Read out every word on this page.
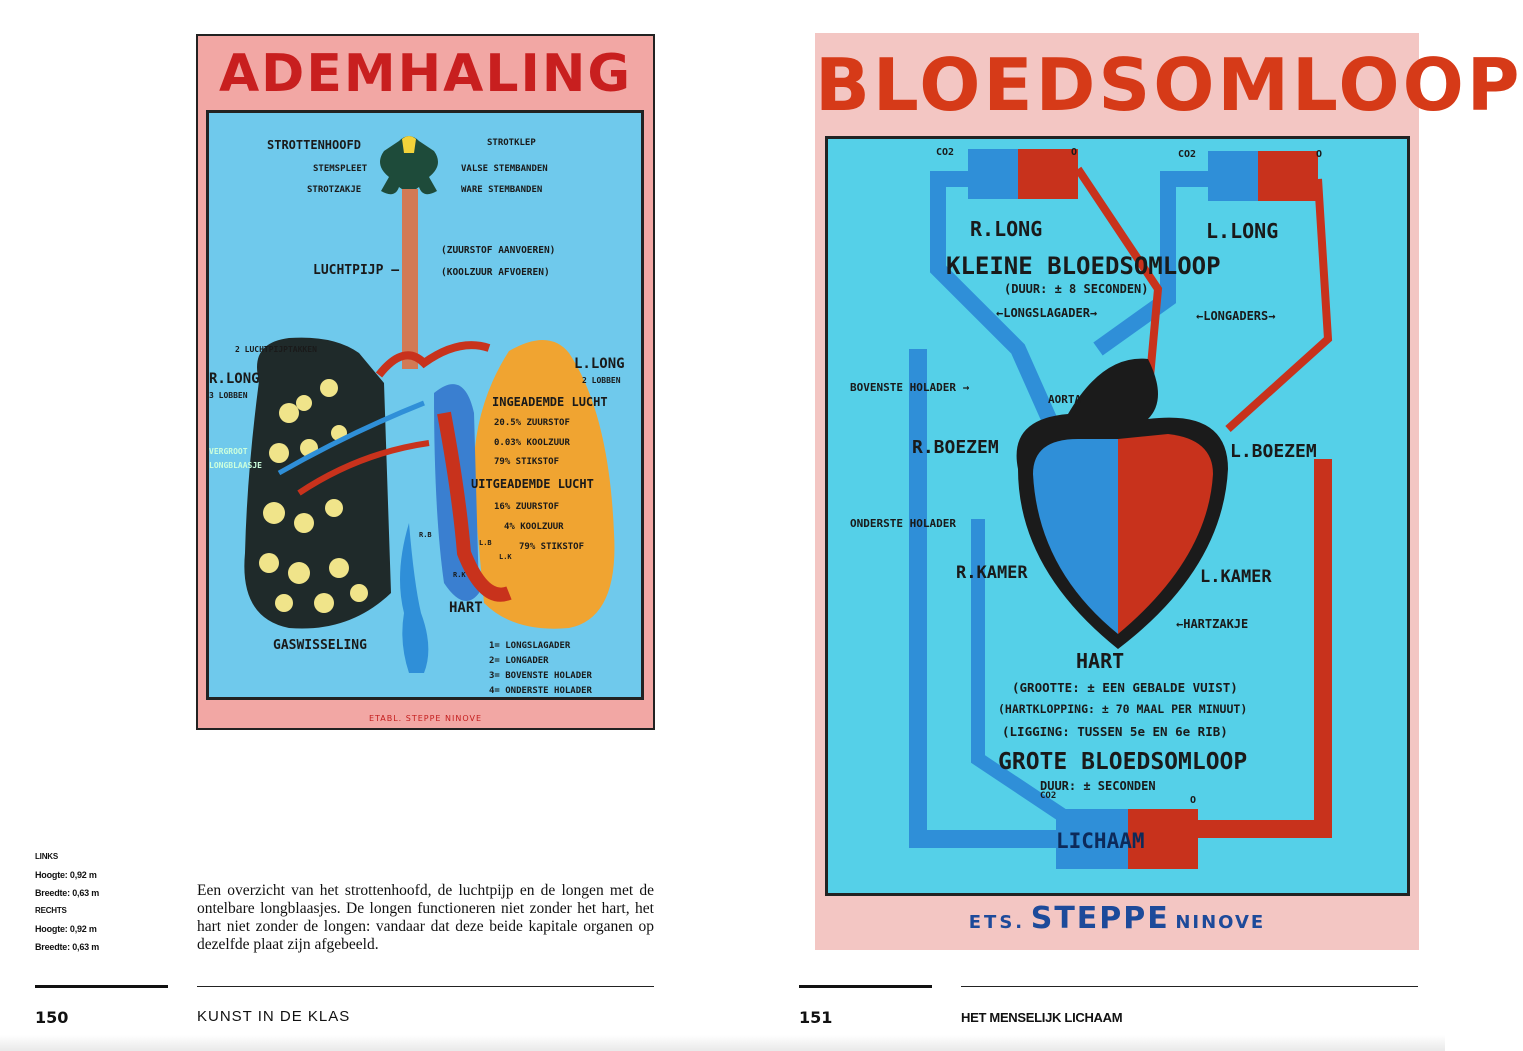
ADEMHALING
STROTTENHOOFD
STEMSPLEET
STROTZAKJE
STROTKLEP
VALSE STEMBANDEN
WARE STEMBANDEN
(ZUURSTOF AANVOEREN)
(KOOLZUUR AFVOEREN)
LUCHTPIJP —
2 LUCHTPIJPTAKKEN
R.LONG
3 LOBBEN
L.LONG
2 LOBBEN
VERGROOT
LONGBLAASJE
INGEADEMDE LUCHT
20.5% ZUURSTOF
0.03% KOOLZUUR
79% STIKSTOF
UITGEADEMDE LUCHT
16% ZUURSTOF
4% KOOLZUUR
79% STIKSTOF
R.B
L.B
R.K
L.K
HART
GASWISSELING	1= LONGSLAGADER
2= LONGADER
3= BOVENSTE HOLADER
4= ONDERSTE HOLADER
ETABL. STEPPE NINOVE
BLOEDSOMLOOP
CO2	O	CO2	O
R.LONG	L.LONG
KLEINE BLOEDSOMLOOP
(DUUR: ± 8 SECONDEN)
←LONGSLAGADER→	←LONGADERS→
BOVENSTE HOLADER →
AORTA
R.BOEZEM	L.BOEZEM
ONDERSTE HOLADER
R.KAMER	L.KAMER
←HARTZAKJE
HART
(GROOTTE: ± EEN GEBALDE VUIST)
(HARTKLOPPING: ± 70 MAAL PER MINUUT)
(LIGGING: TUSSEN 5e EN 6e RIB)
GROTE BLOEDSOMLOOP
DUUR: ± SECONDEN
CO2	O
LICHAAM
ETS. STEPPE NINOVE
LINKS
Hoogte: 0,92 m
Breedte: 0,63 m
RECHTS
Hoogte: 0,92 m
Breedte: 0,63 m
Een overzicht van het strottenhoofd, de luchtpijp en de longen met de ontelbare longblaasjes. De longen functioneren niet zonder het hart, het hart niet zonder de longen: vandaar dat deze beide kapitale organen op dezelfde plaat zijn afgebeeld.
150	KUNST IN DE KLAS	151	HET MENSELIJK LICHAAM
